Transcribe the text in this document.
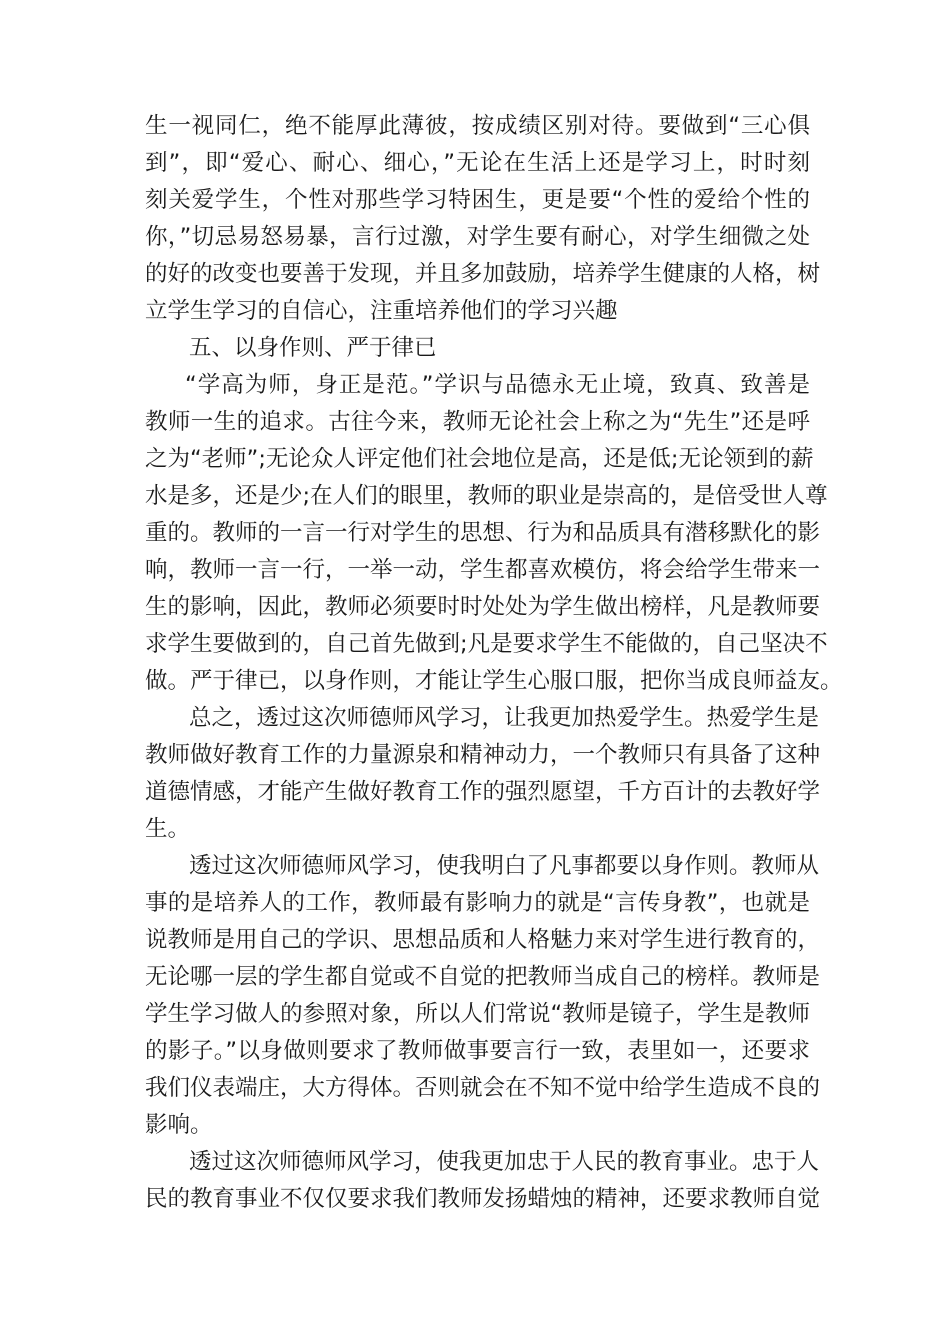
生一视同仁，绝不能厚此薄彼，按成绩区别对待。要做到“三心俱
到”，即“爱心、耐心、细心，”无论在生活上还是学习上，时时刻
刻关爱学生，个性对那些学习特困生，更是要“个性的爱给个性的
你，”切忌易怒易暴，言行过激，对学生要有耐心，对学生细微之处
的好的改变也要善于发现，并且多加鼓励，培养学生健康的人格，树
立学生学习的自信心，注重培养他们的学习兴趣
五、以身作则、严于律已
“学高为师，身正是范。”学识与品德永无止境，致真、致善是
教师一生的追求。古往今来，教师无论社会上称之为“先生”还是呼
之为“老师”;无论众人评定他们社会地位是高，还是低;无论领到的薪
水是多，还是少;在人们的眼里，教师的职业是崇高的，是倍受世人尊
重的。教师的一言一行对学生的思想、行为和品质具有潜移默化的影
响，教师一言一行，一举一动，学生都喜欢模仿，将会给学生带来一
生的影响，因此，教师必须要时时处处为学生做出榜样，凡是教师要
求学生要做到的，自己首先做到;凡是要求学生不能做的，自己坚决不
做。严于律已，以身作则，才能让学生心服口服，把你当成良师益友。
总之，透过这次师德师风学习，让我更加热爱学生。热爱学生是
教师做好教育工作的力量源泉和精神动力，一个教师只有具备了这种
道德情感，才能产生做好教育工作的强烈愿望，千方百计的去教好学
生。
透过这次师德师风学习，使我明白了凡事都要以身作则。教师从
事的是培养人的工作，教师最有影响力的就是“言传身教”，也就是
说教师是用自己的学识、思想品质和人格魅力来对学生进行教育的，
无论哪一层的学生都自觉或不自觉的把教师当成自己的榜样。教师是
学生学习做人的参照对象，所以人们常说“教师是镜子，学生是教师
的影子。”以身做则要求了教师做事要言行一致，表里如一，还要求
我们仪表端庄，大方得体。否则就会在不知不觉中给学生造成不良的
影响。
透过这次师德师风学习，使我更加忠于人民的教育事业。忠于人
民的教育事业不仅仅要求我们教师发扬蜡烛的精神，还要求教师自觉
